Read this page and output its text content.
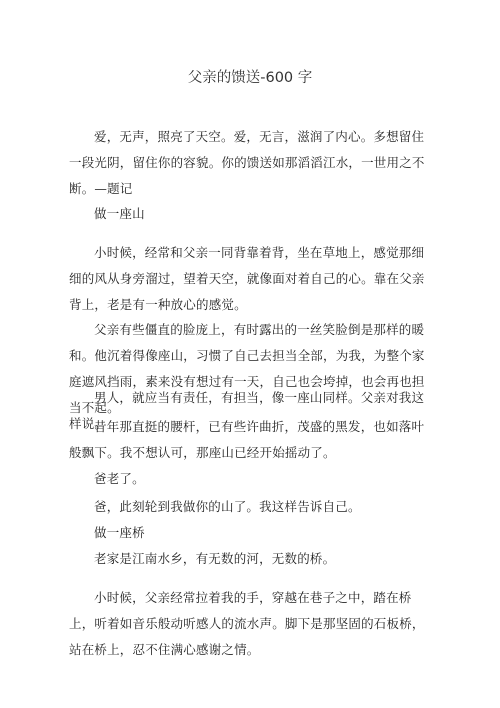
父亲的馈送-600 字
爱，无声，照亮了天空。爱，无言，滋润了内心。多想留住一段光阴，留住你的容貌。你的馈送如那滔滔江水，一世用之不断。—题记
做一座山
小时候，经常和父亲一同背靠着背，坐在草地上，感觉那细细的风从身旁溜过，望着天空，就像面对着自己的心。靠在父亲背上，老是有一种放心的感觉。
父亲有些僵直的脸庞上，有时露出的一丝笑脸倒是那样的暖和。他沉着得像座山，习惯了自己去担当全部，为我，为整个家庭遮风挡雨，素来没有想过有一天，自己也会垮掉，也会再也担当不起。
男人，就应当有责任，有担当，像一座山同样。父亲对我这样说。
昔年那直挺的腰杆，已有些许曲折，茂盛的黑发，也如落叶般飘下。我不想认可，那座山已经开始摇动了。
爸老了。
爸，此刻轮到我做你的山了。我这样告诉自己。
做一座桥
老家是江南水乡，有无数的河，无数的桥。
小时候，父亲经常拉着我的手，穿越在巷子之中，踏在桥上，听着如音乐般动听感人的流水声。脚下是那坚固的石板桥，站在桥上，忍不住满心感谢之情。
